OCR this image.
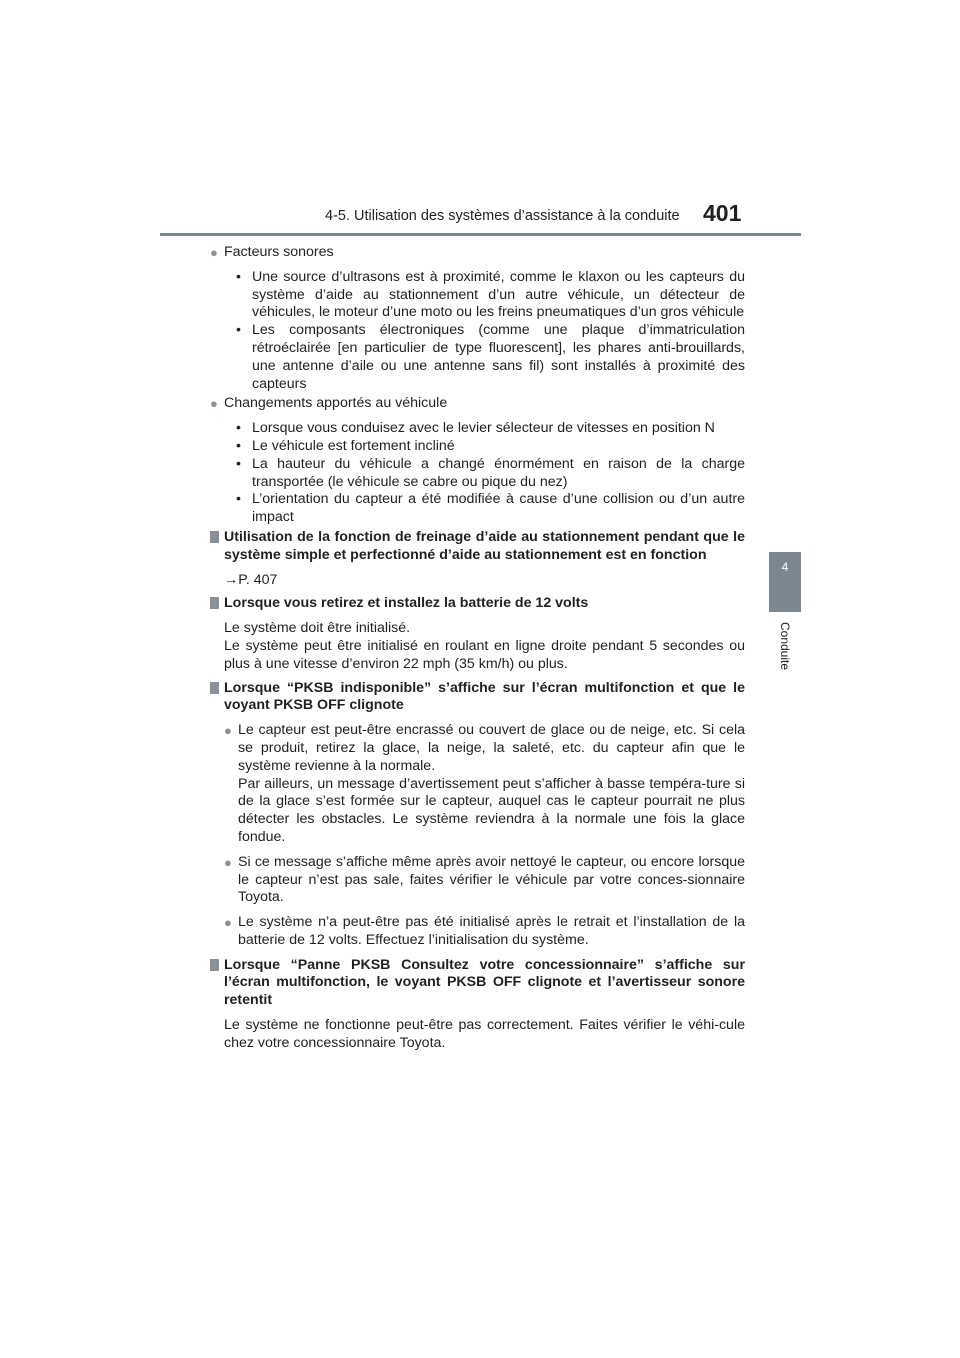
4-5. Utilisation des systèmes d’assistance à la conduite 401
4
Conduite
● Facteurs sonores
• Une source d’ultrasons est à proximité, comme le klaxon ou les capteurs du système d’aide au stationnement d’un autre véhicule, un détecteur de véhicules, le moteur d’une moto ou les freins pneumatiques d’un gros véhicule
• Les composants électroniques (comme une plaque d’immatriculation rétroéclairée [en particulier de type fluorescent], les phares anti-brouillards, une antenne d’aile ou une antenne sans fil) sont installés à proximité des capteurs
● Changements apportés au véhicule
• Lorsque vous conduisez avec le levier sélecteur de vitesses en position N
• Le véhicule est fortement incliné
• La hauteur du véhicule a changé énormément en raison de la charge transportée (le véhicule se cabre ou pique du nez)
• L’orientation du capteur a été modifiée à cause d’une collision ou d’un autre impact
Utilisation de la fonction de freinage d’aide au stationnement pendant que le système simple et perfectionné d’aide au stationnement est en fonction
→P. 407
Lorsque vous retirez et installez la batterie de 12 volts
Le système doit être initialisé.
Le système peut être initialisé en roulant en ligne droite pendant 5 secondes ou plus à une vitesse d’environ 22 mph (35 km/h) ou plus.
Lorsque “PKSB indisponible” s’affiche sur l’écran multifonction et que le voyant PKSB OFF clignote
● Le capteur est peut-être encrassé ou couvert de glace ou de neige, etc. Si cela se produit, retirez la glace, la neige, la saleté, etc. du capteur afin que le système revienne à la normale.
Par ailleurs, un message d’avertissement peut s’afficher à basse tempéra-ture si de la glace s’est formée sur le capteur, auquel cas le capteur pourrait ne plus détecter les obstacles. Le système reviendra à la normale une fois la glace fondue.
● Si ce message s’affiche même après avoir nettoyé le capteur, ou encore lorsque le capteur n’est pas sale, faites vérifier le véhicule par votre conces-sionnaire Toyota.
● Le système n’a peut-être pas été initialisé après le retrait et l’installation de la batterie de 12 volts. Effectuez l’initialisation du système.
Lorsque “Panne PKSB Consultez votre concessionnaire” s’affiche sur l’écran multifonction, le voyant PKSB OFF clignote et l’avertisseur sonore retentit
Le système ne fonctionne peut-être pas correctement. Faites vérifier le véhi-cule chez votre concessionnaire Toyota.
